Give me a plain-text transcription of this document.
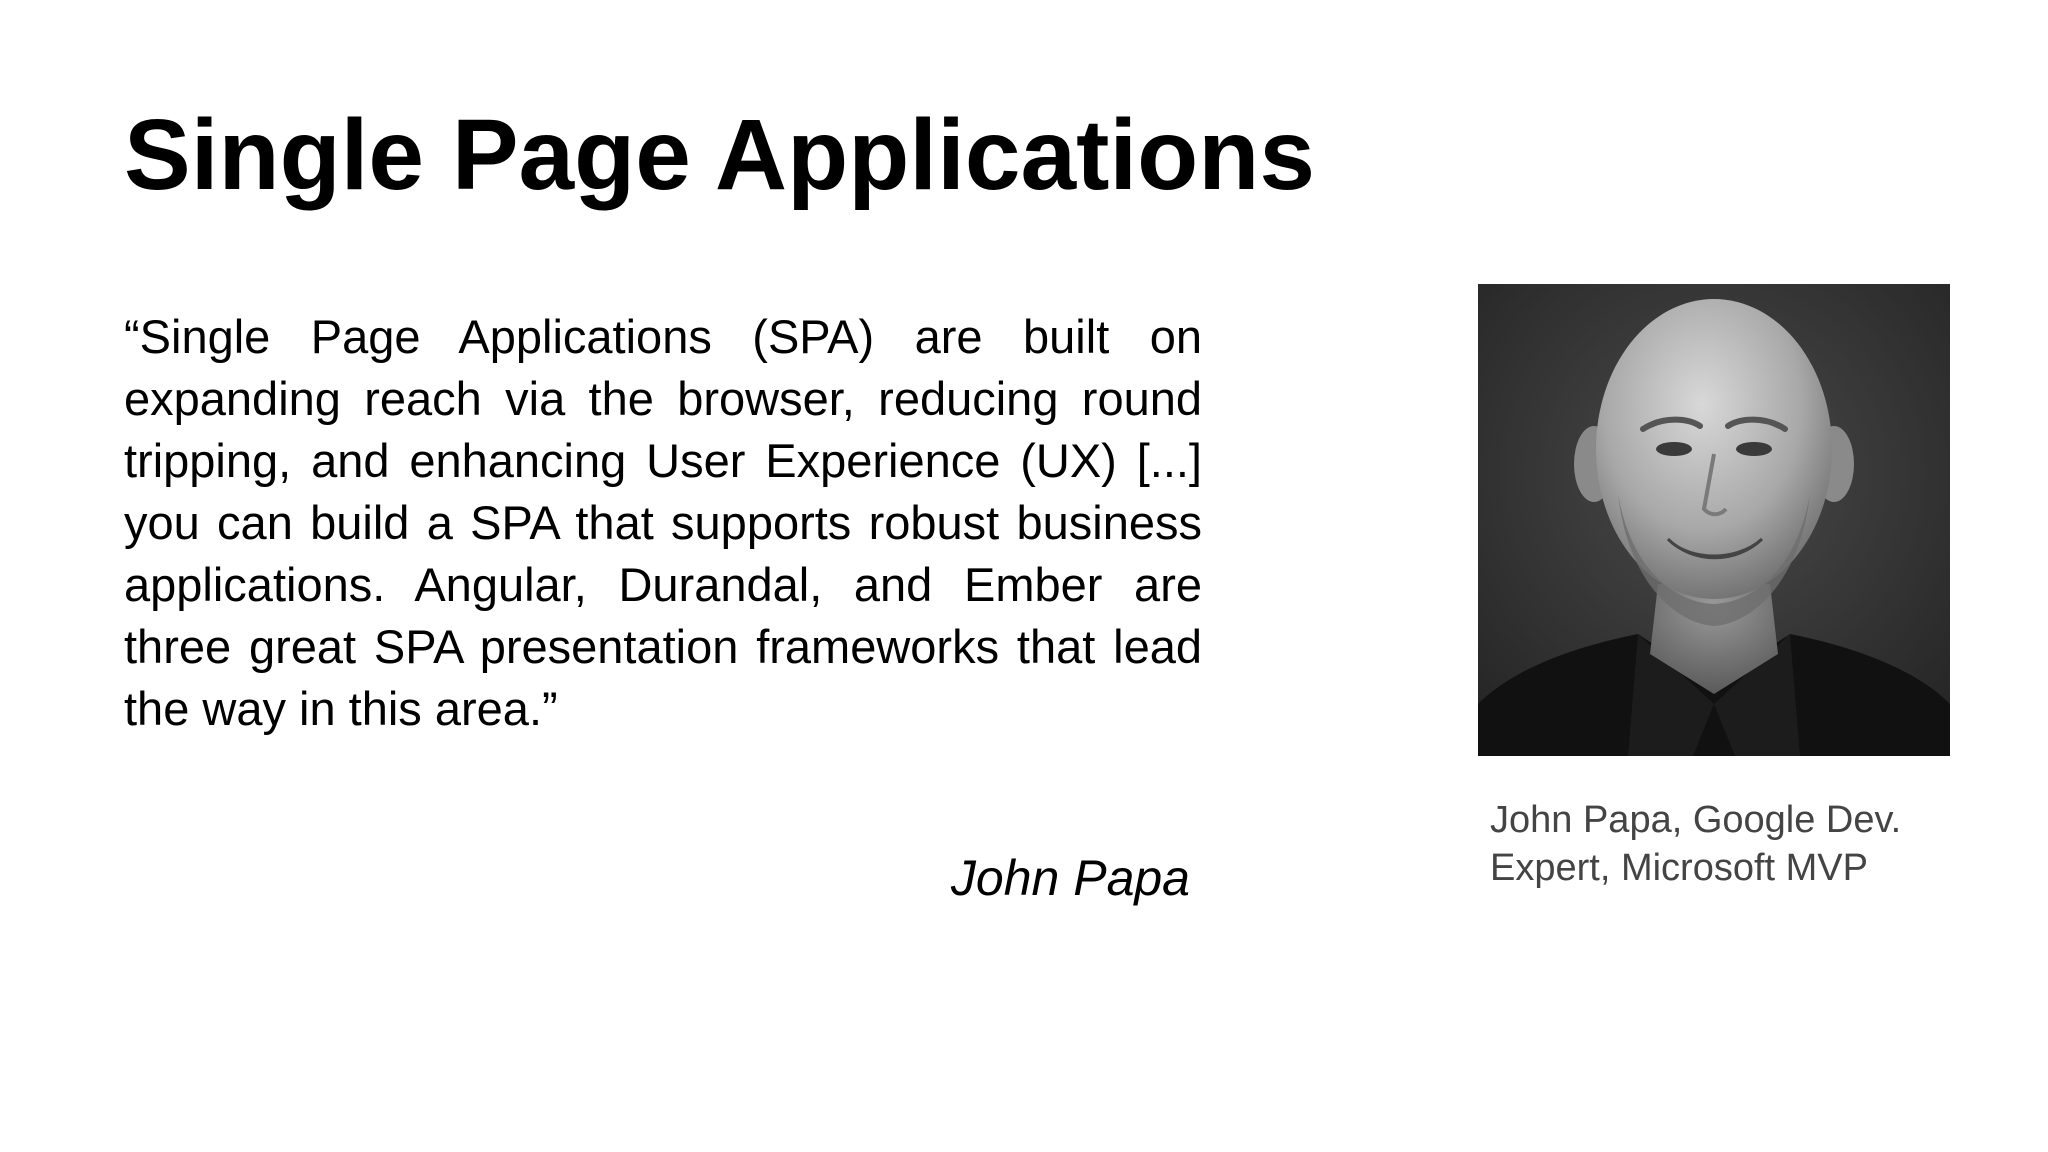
Single Page Applications

“Single Page Applications (SPA) are built on expanding reach via the browser, reducing round tripping, and enhancing User Experience (UX) [...] you can build a SPA that supports robust business applications. Angular, Durandal, and Ember are three great SPA presentation frameworks that lead the way in this area.”

John Papa
John Papa, Google Dev.
Expert, Microsoft MVP
